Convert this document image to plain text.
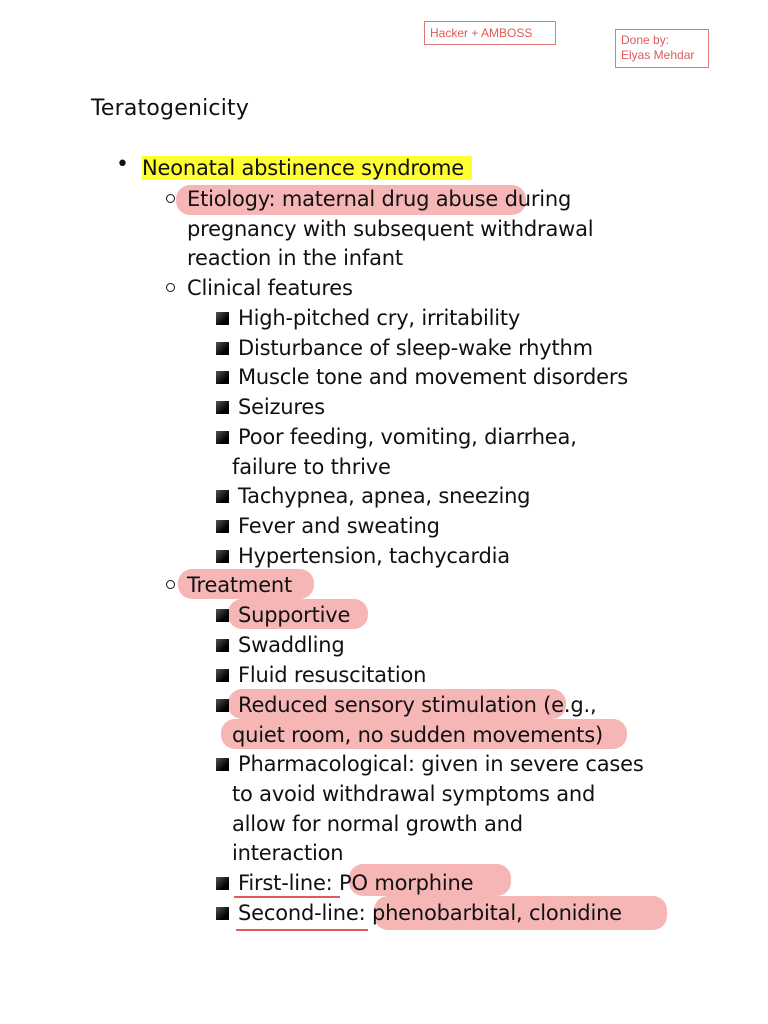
Hacker + AMBOSS	Done by:
Elyas Mehdar
Teratogenicity
• Neonatal abstinence syndrome
Etiology: maternal drug abuse during
pregnancy with subsequent withdrawal
reaction in the infant
Clinical features
High-pitched cry, irritability
Disturbance of sleep-wake rhythm
Muscle tone and movement disorders
Seizures
Poor feeding, vomiting, diarrhea,
failure to thrive
Tachypnea, apnea, sneezing
Fever and sweating
Hypertension, tachycardia
Treatment
Supportive
Swaddling
Fluid resuscitation
Reduced sensory stimulation (e.g.,
quiet room, no sudden movements)
Pharmacological: given in severe cases
to avoid withdrawal symptoms and
allow for normal growth and
interaction
First-line: PO morphine
Second-line: phenobarbital, clonidine
